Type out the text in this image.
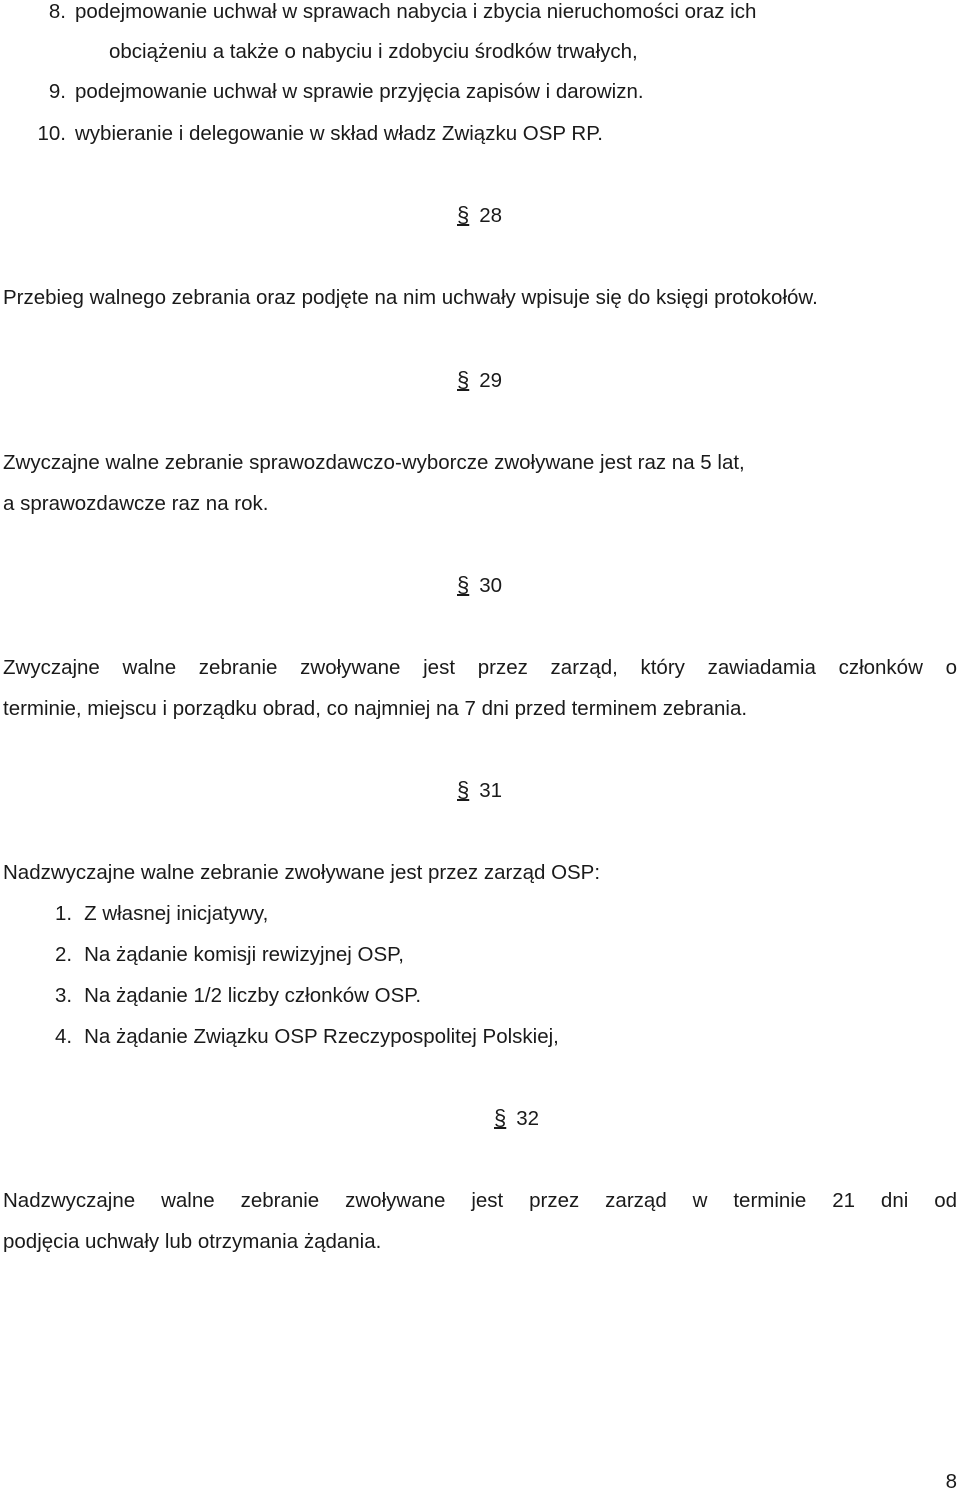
8. podejmowanie uchwał w sprawach nabycia i zbycia nieruchomości oraz ich
obciążeniu a także o nabyciu i zdobyciu środków trwałych,
9. podejmowanie uchwał w sprawie przyjęcia zapisów i darowizn.
10. wybieranie i delegowanie w skład władz Związku OSP RP.
§ 28
Przebieg walnego zebrania oraz podjęte na nim uchwały wpisuje się do księgi protokołów.
§ 29
Zwyczajne walne zebranie sprawozdawczo-wyborcze zwoływane jest raz na 5 lat,
a sprawozdawcze raz na rok.
§ 30
Zwyczajne walne zebranie zwoływane jest przez zarząd, który zawiadamia członków o
terminie, miejscu i porządku obrad, co najmniej na 7 dni przed terminem zebrania.
§ 31
Nadzwyczajne walne zebranie zwoływane jest przez zarząd OSP:
1. Z własnej inicjatywy,
2. Na żądanie komisji rewizyjnej OSP,
3. Na żądanie 1/2 liczby członków OSP.
4. Na żądanie Związku OSP Rzeczypospolitej Polskiej,
§ 32
Nadzwyczajne walne zebranie zwoływane jest przez zarząd w terminie 21 dni od
podjęcia uchwały lub otrzymania żądania.
8
